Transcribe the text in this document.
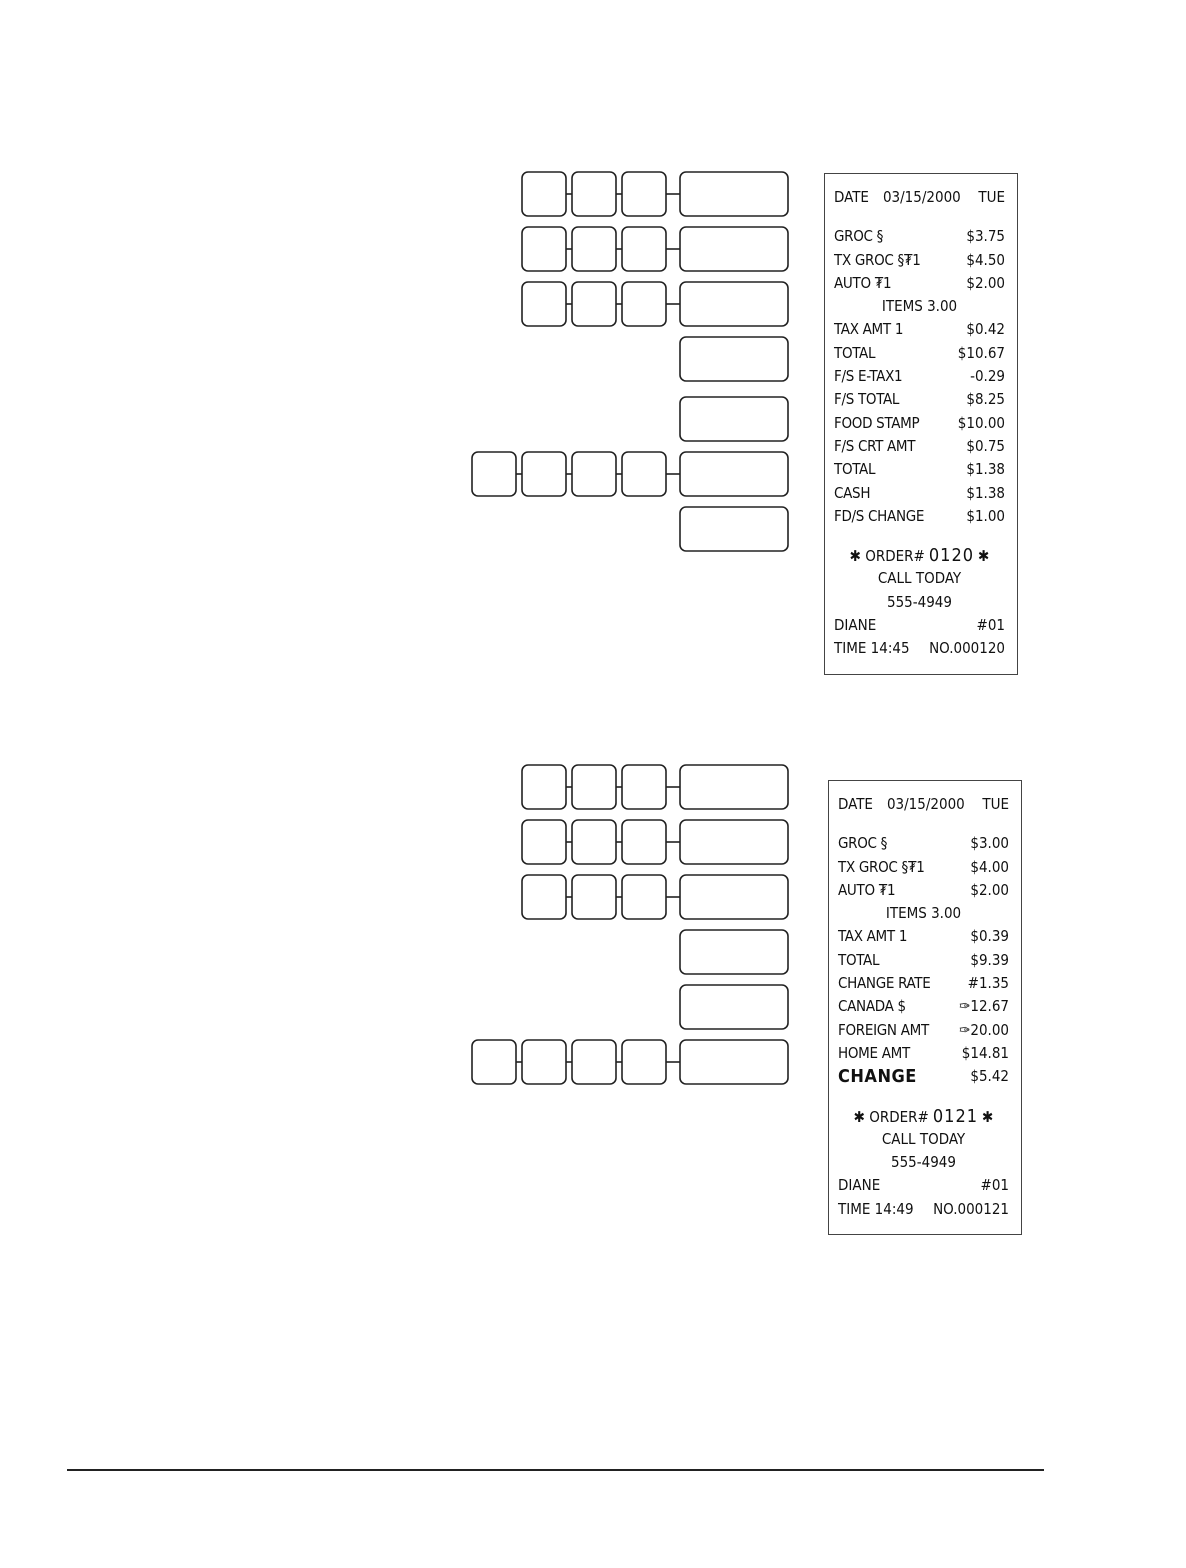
DATE 03/15/2000 TUE
GROC §	$3.75
TX GROC §₮1	$4.50
AUTO ₮1	$2.00
ITEMS 3.00
TAX AMT 1	$0.42
TOTAL	$10.67
F/S E-TAX1	-0.29
F/S TOTAL	$8.25
FOOD STAMP	$10.00
F/S CRT AMT	$0.75
TOTAL	$1.38
CASH	$1.38
FD/S CHANGE	$1.00
✱ ORDER# 0120 ✱
CALL TODAY
555-4949
DIANE	#01
TIME 14:45 NO.000120
DATE 03/15/2000 TUE
GROC §	$3.00
TX GROC §₮1	$4.00
AUTO ₮1	$2.00
ITEMS 3.00
TAX AMT 1	$0.39
TOTAL	$9.39
CHANGE RATE #1.35
CANADA $	✑12.67
FOREIGN AMT ✑20.00
HOME AMT	$14.81
CHANGE	$5.42
✱ ORDER# 0121 ✱
CALL TODAY
555-4949
DIANE	#01
TIME 14:49 NO.000121
